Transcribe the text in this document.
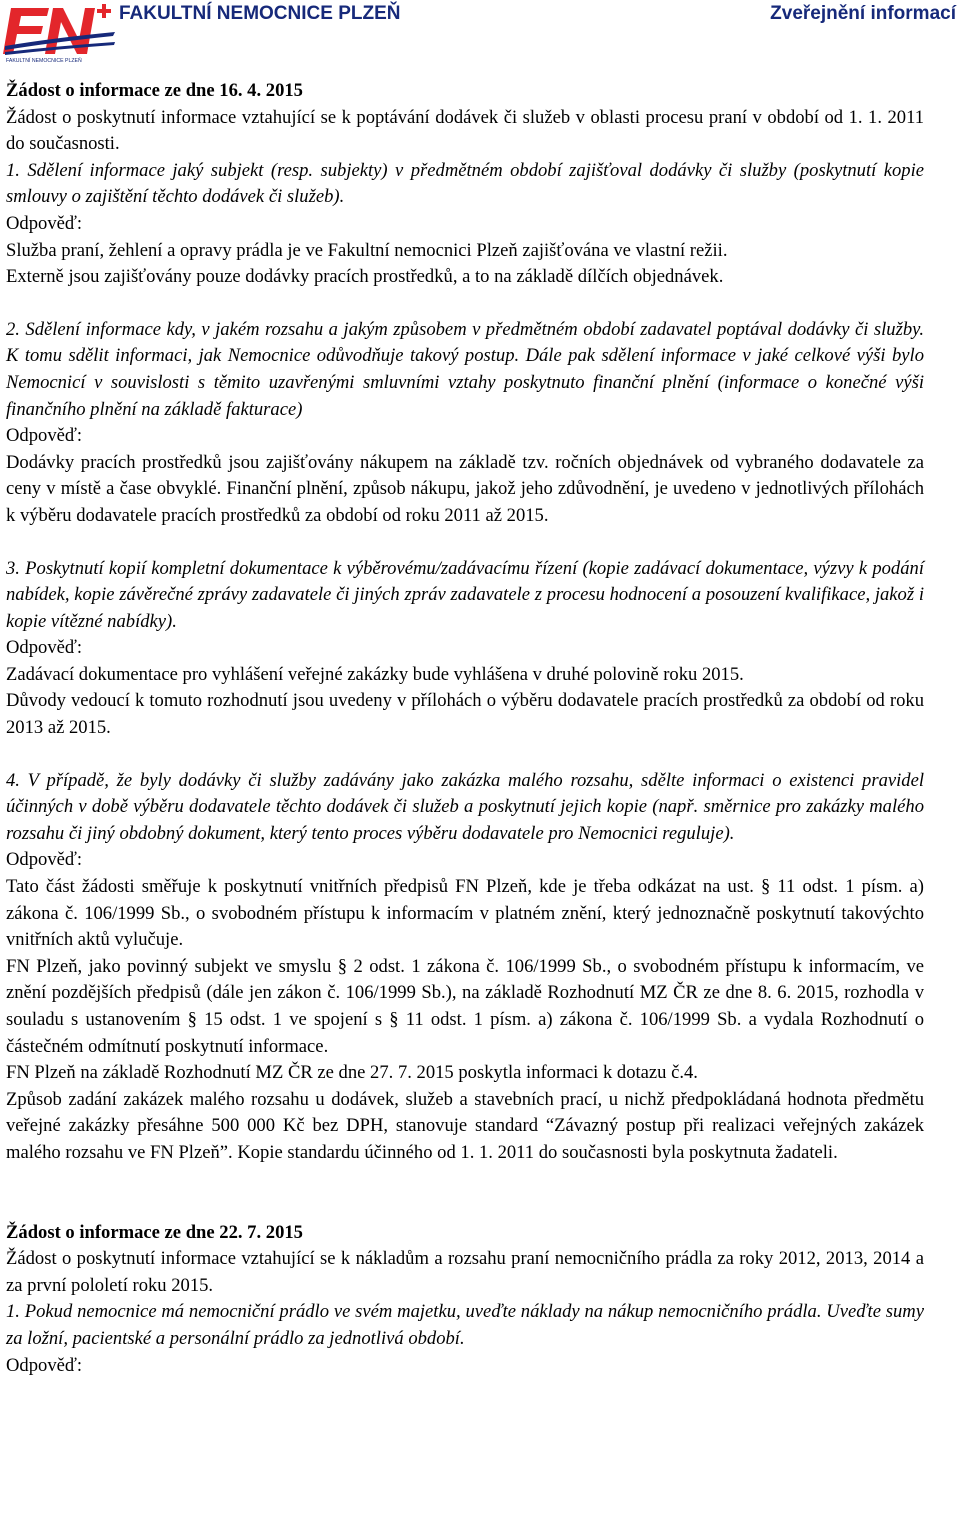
FAKULTNÍ NEMOCNICE PLZEŇ
FAKULTNÍ NEMOCNICE PLZEŇ	Zveřejnění informací

Žádost o informace ze dne 16. 4. 2015

Žádost o poskytnutí informace vztahující se k poptávání dodávek či služeb v oblasti procesu praní v období od 1. 1. 2011 do současnosti.

1. Sdělení informace jaký subjekt (resp. subjekty) v předmětném období zajišťoval dodávky či služby (poskytnutí kopie smlouvy o zajištění těchto dodávek či služeb).

Odpověď:

Služba praní, žehlení a opravy prádla je ve Fakultní nemocnici Plzeň zajišťována ve vlastní režii.

Externě jsou zajišťovány pouze dodávky pracích prostředků, a to na základě dílčích objednávek.

2. Sdělení informace kdy, v jakém rozsahu a jakým způsobem v předmětném období zadavatel poptával dodávky či služby. K tomu sdělit informaci, jak Nemocnice odůvodňuje takový postup. Dále pak sdělení informace v jaké celkové výši bylo Nemocnicí v souvislosti s těmito uzavřenými smluvními vztahy poskytnuto finanční plnění (informace o konečné výši finančního plnění na základě fakturace)

Odpověď:

Dodávky pracích prostředků jsou zajišťovány nákupem na základě tzv. ročních objednávek od vybraného dodavatele za ceny v místě a čase obvyklé. Finanční plnění, způsob nákupu, jakož jeho zdůvodnění, je uvedeno v jednotlivých přílohách k výběru dodavatele pracích prostředků za období od roku 2011 až 2015.

3. Poskytnutí kopií kompletní dokumentace k výběrovému/zadávacímu řízení (kopie zadávací dokumentace, výzvy k podání nabídek, kopie závěrečné zprávy zadavatele či jiných zpráv zadavatele z procesu hodnocení a posouzení kvalifikace, jakož i kopie vítězné nabídky).

Odpověď:

Zadávací dokumentace pro vyhlášení veřejné zakázky bude vyhlášena v druhé polovině roku 2015.

Důvody vedoucí k tomuto rozhodnutí jsou uvedeny v přílohách o výběru dodavatele pracích prostředků za období od roku 2013 až 2015.

4. V případě, že byly dodávky či služby zadávány jako zakázka malého rozsahu, sdělte informaci o existenci pravidel účinných v době výběru dodavatele těchto dodávek či služeb a poskytnutí jejich kopie (např. směrnice pro zakázky malého rozsahu či jiný obdobný dokument, který tento proces výběru dodavatele pro Nemocnici reguluje).

Odpověď:

Tato část žádosti směřuje k poskytnutí vnitřních předpisů FN Plzeň, kde je třeba odkázat na ust. § 11 odst. 1 písm. a) zákona č. 106/1999 Sb., o svobodném přístupu k informacím v platném znění, který jednoznačně poskytnutí takovýchto vnitřních aktů vylučuje.

FN Plzeň, jako povinný subjekt ve smyslu § 2 odst. 1 zákona č. 106/1999 Sb., o svobodném přístupu k informacím, ve znění pozdějších předpisů (dále jen zákon č. 106/1999 Sb.), na základě Rozhodnutí MZ ČR ze dne 8. 6. 2015, rozhodla v souladu s ustanovením § 15 odst. 1 ve spojení s § 11 odst. 1 písm. a) zákona č. 106/1999 Sb. a vydala Rozhodnutí o částečném odmítnutí poskytnutí informace.

FN Plzeň na základě Rozhodnutí MZ ČR ze dne 27. 7. 2015 poskytla informaci k dotazu č.4.

Způsob zadání zakázek malého rozsahu u dodávek, služeb a stavebních prací, u nichž předpokládaná hodnota předmětu veřejné zakázky přesáhne 500 000 Kč bez DPH, stanovuje standard “Závazný postup při realizaci veřejných zakázek malého rozsahu ve FN Plzeň”. Kopie standardu účinného od 1. 1. 2011 do současnosti byla poskytnuta žadateli.

Žádost o informace ze dne 22. 7. 2015

Žádost o poskytnutí informace vztahující se k nákladům a rozsahu praní nemocničního prádla za roky 2012, 2013, 2014 a za první pololetí roku 2015.

1. Pokud nemocnice má nemocniční prádlo ve svém majetku, uveďte náklady na nákup nemocničního prádla. Uveďte sumy za ložní, pacientské a personální prádlo za jednotlivá období.

Odpověď:
